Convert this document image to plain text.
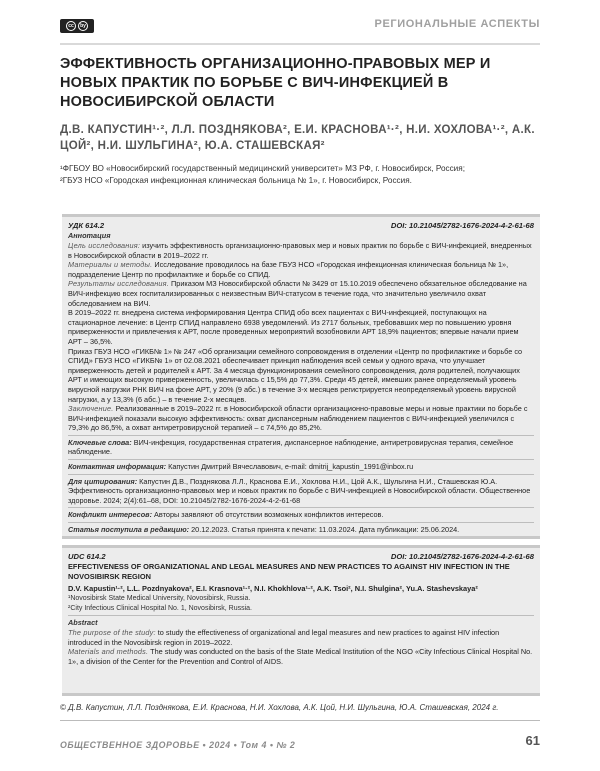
cc	by	РЕГИОНАЛЬНЫЕ АСПЕКТЫ
ЭФФЕКТИВНОСТЬ ОРГАНИЗАЦИОННО-ПРАВОВЫХ МЕР И НОВЫХ ПРАКТИК ПО БОРЬБЕ С ВИЧ-ИНФЕКЦИЕЙ В НОВОСИБИРСКОЙ ОБЛАСТИ
Д.В. КАПУСТИН¹·², Л.Л. ПОЗДНЯКОВА², Е.И. КРАСНОВА¹·², Н.И. ХОХЛОВА¹·², А.К. ЦОЙ², Н.И. ШУЛЬГИНА², Ю.А. СТАШЕВСКАЯ²
¹ФГБОУ ВО «Новосибирский государственный медицинский университет» МЗ РФ, г. Новосибирск, Россия;
²ГБУЗ НСО «Городская инфекционная клиническая больница № 1», г. Новосибирск, Россия.
УДК 614.2	DOI: 10.21045/2782-1676-2024-4-2-61-68
Аннотация
Цель исследования: изучить эффективность организационно-правовых мер и новых практик по борьбе с ВИЧ-инфекцией, внедренных в Новосибирской области в 2019–2022 гг.
Материалы и методы. Исследование проводилось на базе ГБУЗ НСО «Городская инфекционная клиническая больница № 1», подразделение Центр по профилактике и борьбе со СПИД.
Результаты исследования. Приказом МЗ Новосибирской области № 3429 от 15.10.2019 обеспечено обязательное обследование на ВИЧ-инфекцию всех госпитализированных с неизвестным ВИЧ-статусом в течение года, что значительно увеличило охват обследованием на ВИЧ.
В 2019–2022 гг. внедрена система информирования Центра СПИД обо всех пациентах с ВИЧ-инфекцией, поступающих на стационарное лечение: в Центр СПИД направлено 6938 уведомлений. Из 2717 больных, требовавших мер по повышению уровня приверженности и привлечения к АРТ, после проведенных мероприятий возобновили АРТ 18,9% пациентов; впервые начали прием АРТ – 36,5%.
Приказ ГБУЗ НСО «ГИКБ№ 1» № 247 «Об организации семейного сопровождения в отделении «Центр по профилактике и борьбе со СПИД» ГБУЗ НСО «ГИКБ№ 1» от 02.08.2021 обеспечивает принцип наблюдения всей семьи у одного врача, что улучшает приверженность детей и родителей к АРТ. За 4 месяца функционирования семейного сопровождения, доля родителей, получающих АРТ и имеющих высокую приверженность, увеличилась с 15,5% до 77,3%. Среди 45 детей, имевших ранее определяемый уровень вирусной нагрузки РНК ВИЧ на фоне АРТ, у 20% (9 абс.) в течение 3-х месяцев регистрируется неопределяемый уровень вирусной нагрузки, а у 13,3% (6 абс.) – в течение 2-х месяцев.
Заключение. Реализованные в 2019–2022 гг. в Новосибирской области организационно-правовые меры и новые практики по борьбе с ВИЧ-инфекцией показали высокую эффективность: охват диспансерным наблюдением пациентов с ВИЧ-инфекцией увеличился с 79,3% до 86,5%, а охват антиретровирусной терапией – с 74,5% до 85,2%.
Ключевые слова: ВИЧ-инфекция, государственная стратегия, диспансерное наблюдение, антиретровирусная терапия, семейное наблюдение.
Контактная информация: Капустин Дмитрий Вячеславович, e-mail: dmitrij_kapustin_1991@inbox.ru
Для цитирования: Капустин Д.В., Позднякова Л.Л., Краснова Е.И., Хохлова Н.И., Цой А.К., Шульгина Н.И., Сташевская Ю.А. Эффективность организационно-правовых мер и новых практик по борьбе с ВИЧ-инфекцией в Новосибирской области. Общественное здоровье. 2024; 2(4):61–68, DOI: 10.21045/2782-1676-2024-4-2-61-68
Конфликт интересов: Авторы заявляют об отсутствии возможных конфликтов интересов.
Статья поступила в редакцию: 20.12.2023. Статья принята к печати: 11.03.2024. Дата публикации: 25.06.2024.
UDC 614.2	DOI: 10.21045/2782-1676-2024-4-2-61-68
EFFECTIVENESS OF ORGANIZATIONAL AND LEGAL MEASURES AND NEW PRACTICES TO AGAINST HIV INFECTION IN THE NOVOSIBIRSK REGION
D.V. Kapustin¹·², L.L. Pozdnyakova², E.I. Krasnova¹·², N.I. Khokhlova¹·², A.K. Tsoi², N.I. Shulgina², Yu.A. Stashevskaya²
¹Novosibirsk State Medical University, Novosibirsk, Russia.
²City Infectious Clinical Hospital No. 1, Novosibirsk, Russia.
Abstract
The purpose of the study: to study the effectiveness of organizational and legal measures and new practices to against HIV infection introduced in the Novosibirsk region in 2019–2022.
Materials and methods. The study was conducted on the basis of the State Medical Institution of the NGO «City Infectious Clinical Hospital No. 1», a division of the Center for the Prevention and Control of AIDS.
© Д.В. Капустин, Л.Л. Позднякова, Е.И. Краснова, Н.И. Хохлова, А.К. Цой, Н.И. Шульгина, Ю.А. Сташевская, 2024 г.
ОБЩЕСТВЕННОЕ ЗДОРОВЬЕ • 2024 • Том 4 • № 2	61
